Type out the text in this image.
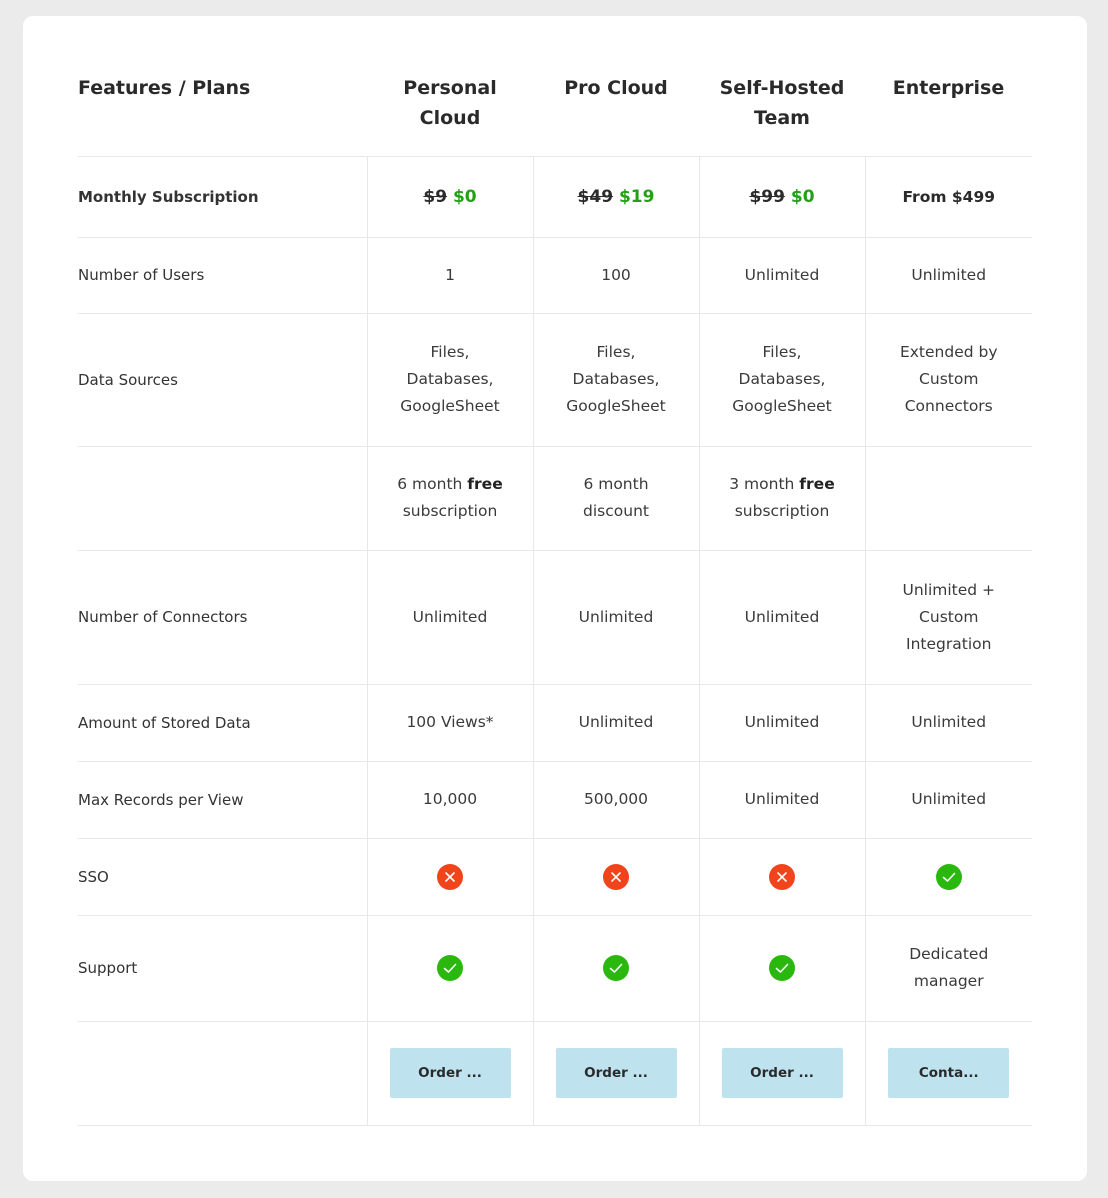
Features / Plans	Personal
Cloud	Pro Cloud	Self-Hosted
Team	Enterprise
Monthly Subscription	$9 $0	$49 $19	$99 $0	From $499
Number of Users	1	100	Unlimited	Unlimited
Data Sources	Files,
Databases,
GoogleSheet	Files,
Databases,
GoogleSheet	Files,
Databases,
GoogleSheet	Extended by
Custom
Connectors
	6 month free
subscription	6 month
discount	3 month free
subscription	
Number of Connectors	Unlimited	Unlimited	Unlimited	Unlimited +
Custom
Integration
Amount of Stored Data	100 Views*	Unlimited	Unlimited	Unlimited
Max Records per View	10,000	500,000	Unlimited	Unlimited
SSO	

Support				Dedicated
manager
	Order ...	Order ...	Order ...	Conta...
